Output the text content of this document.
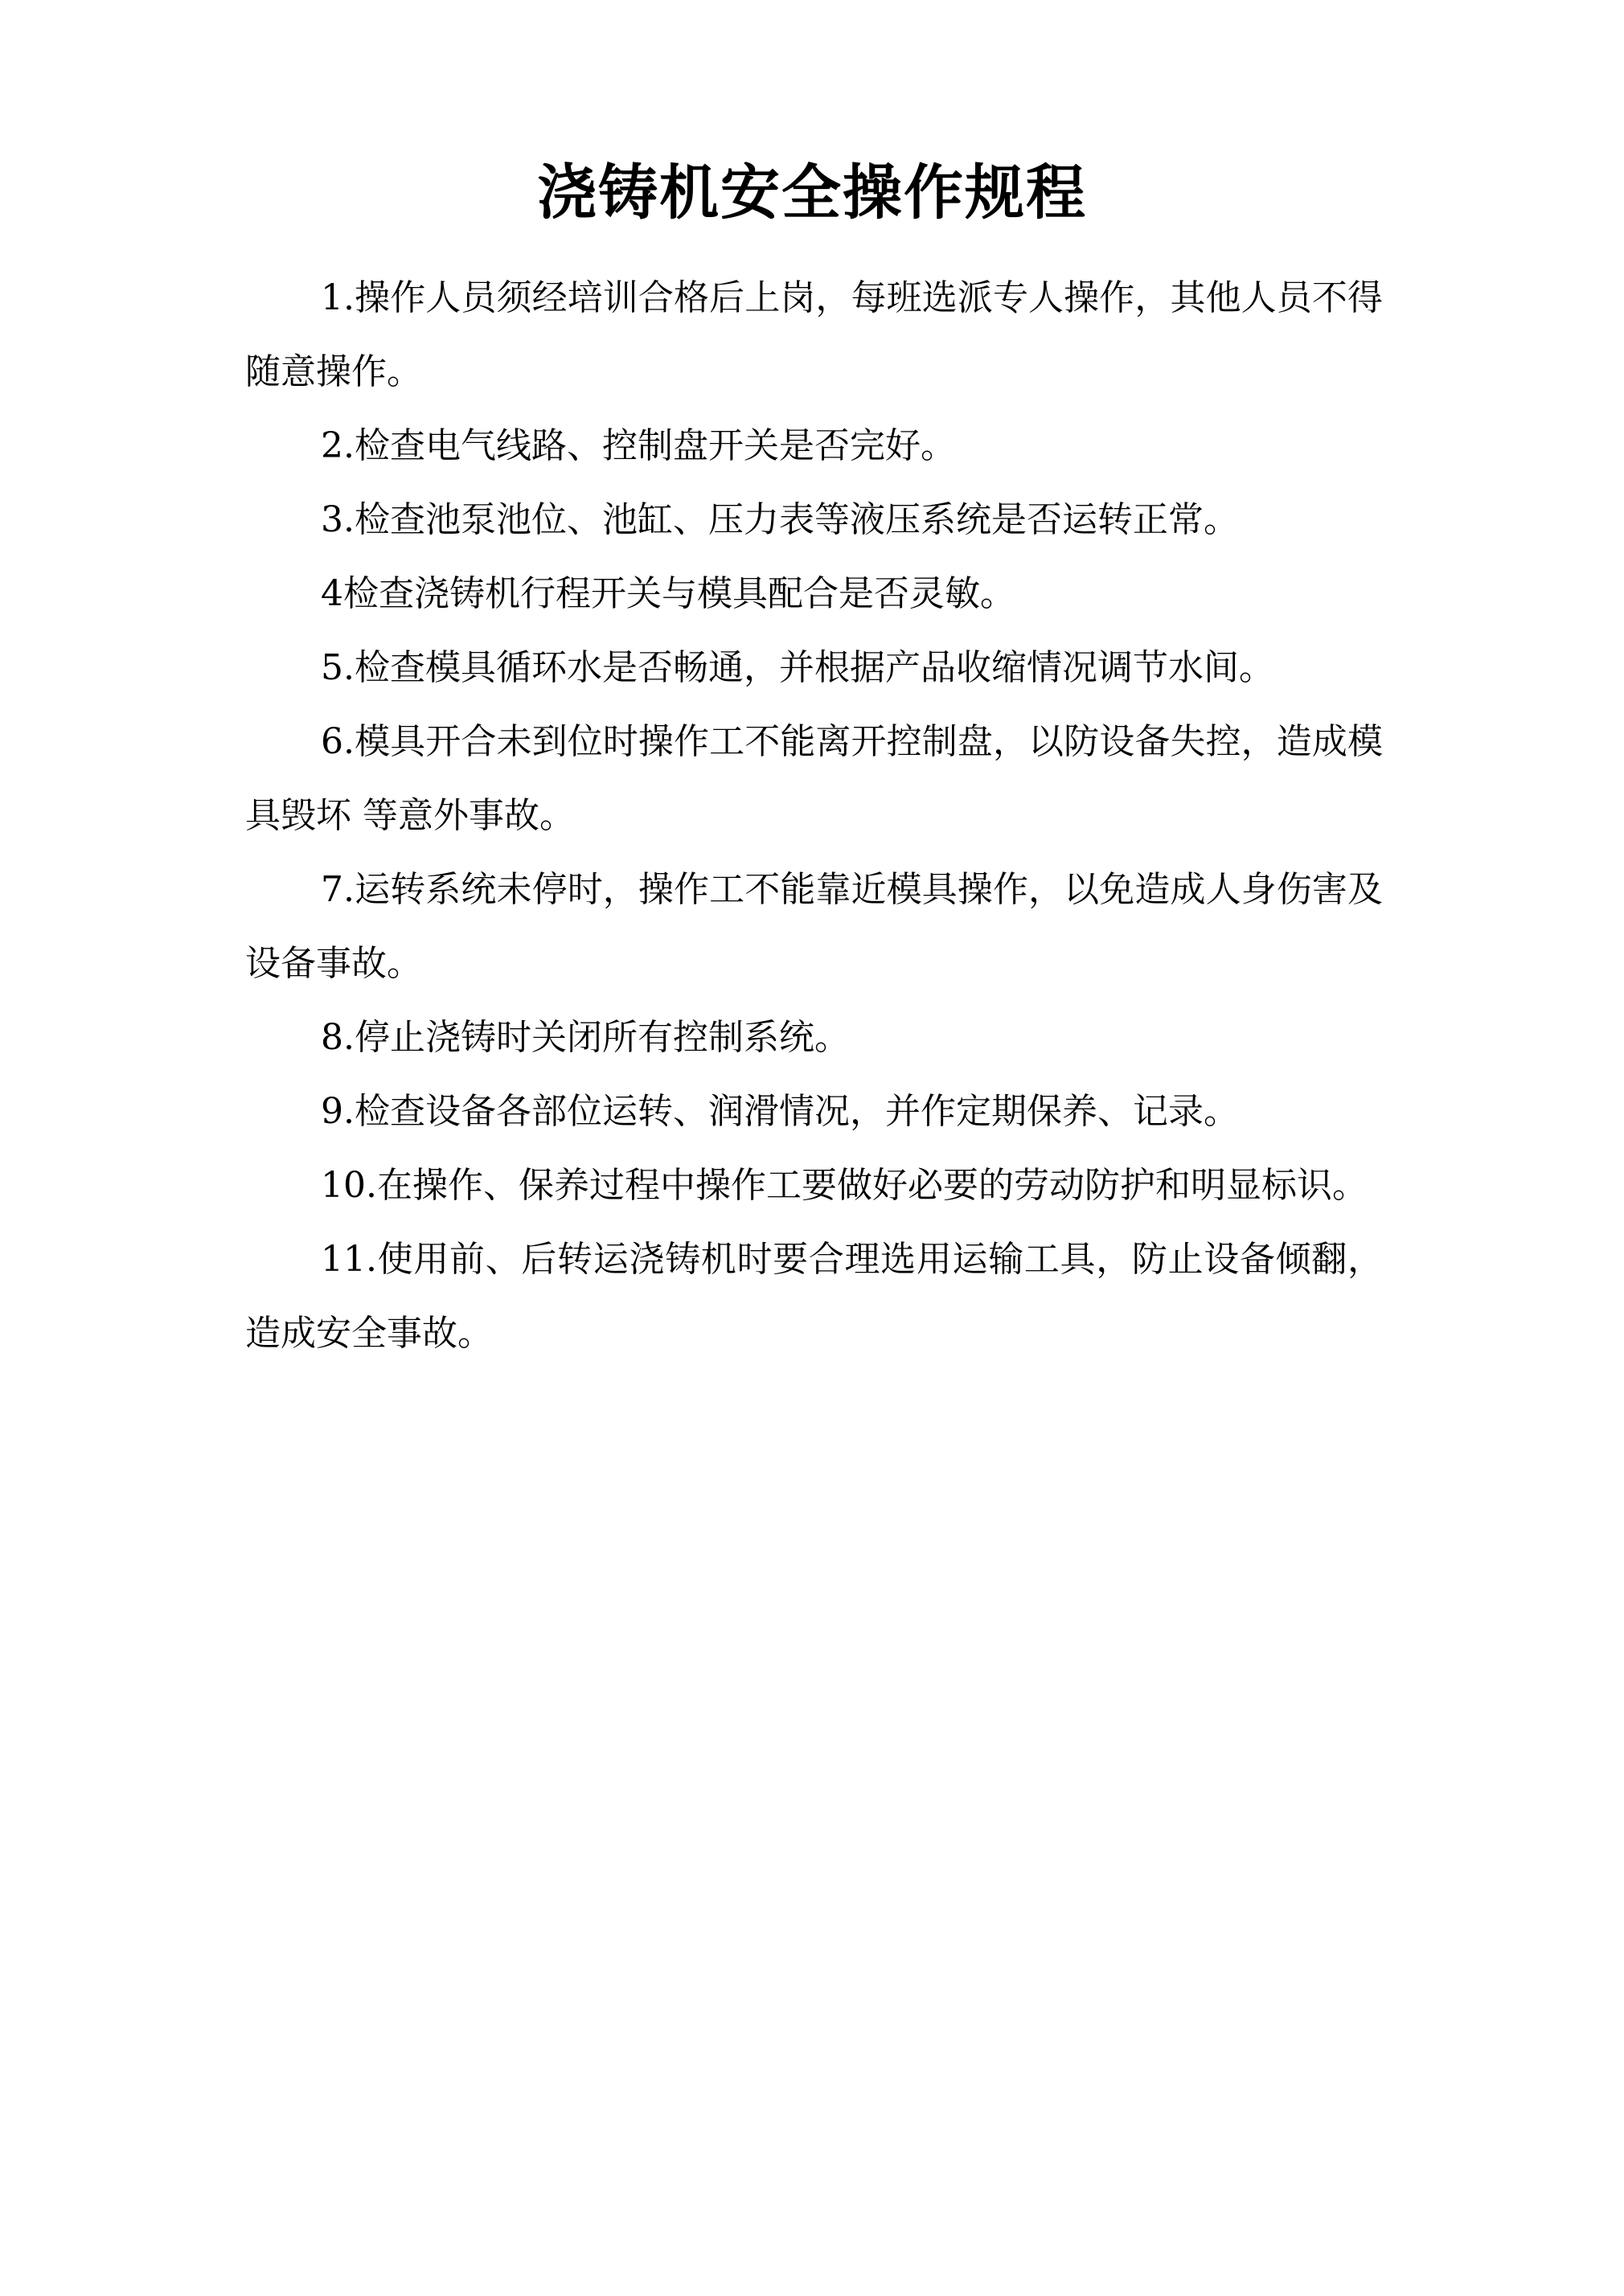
浇铸机安全操作规程

1.操作人员须经培训合格后上岗，每班选派专人操作，其他人员不得随意操作。

2.检查电气线路、控制盘开关是否完好。

3.检查池泵池位、池缸、压力表等液压系统是否运转正常。

4检查浇铸机行程开关与模具配合是否灵敏。

5.检查模具循环水是否畅通，并根据产品收缩情况调节水间。

6.模具开合未到位时操作工不能离开控制盘，以防设备失控，造成模具毁坏 等意外事故。

7.运转系统未停时，操作工不能靠近模具操作，以免造成人身伤害及设备事故。

8.停止浇铸时关闭所有控制系统。

9.检查设备各部位运转、润滑情况，并作定期保养、记录。

10.在操作、保养过程中操作工要做好必要的劳动防护和明显标识。

11.使用前、后转运浇铸机时要合理选用运输工具，防止设备倾翻，造成安全事故。
